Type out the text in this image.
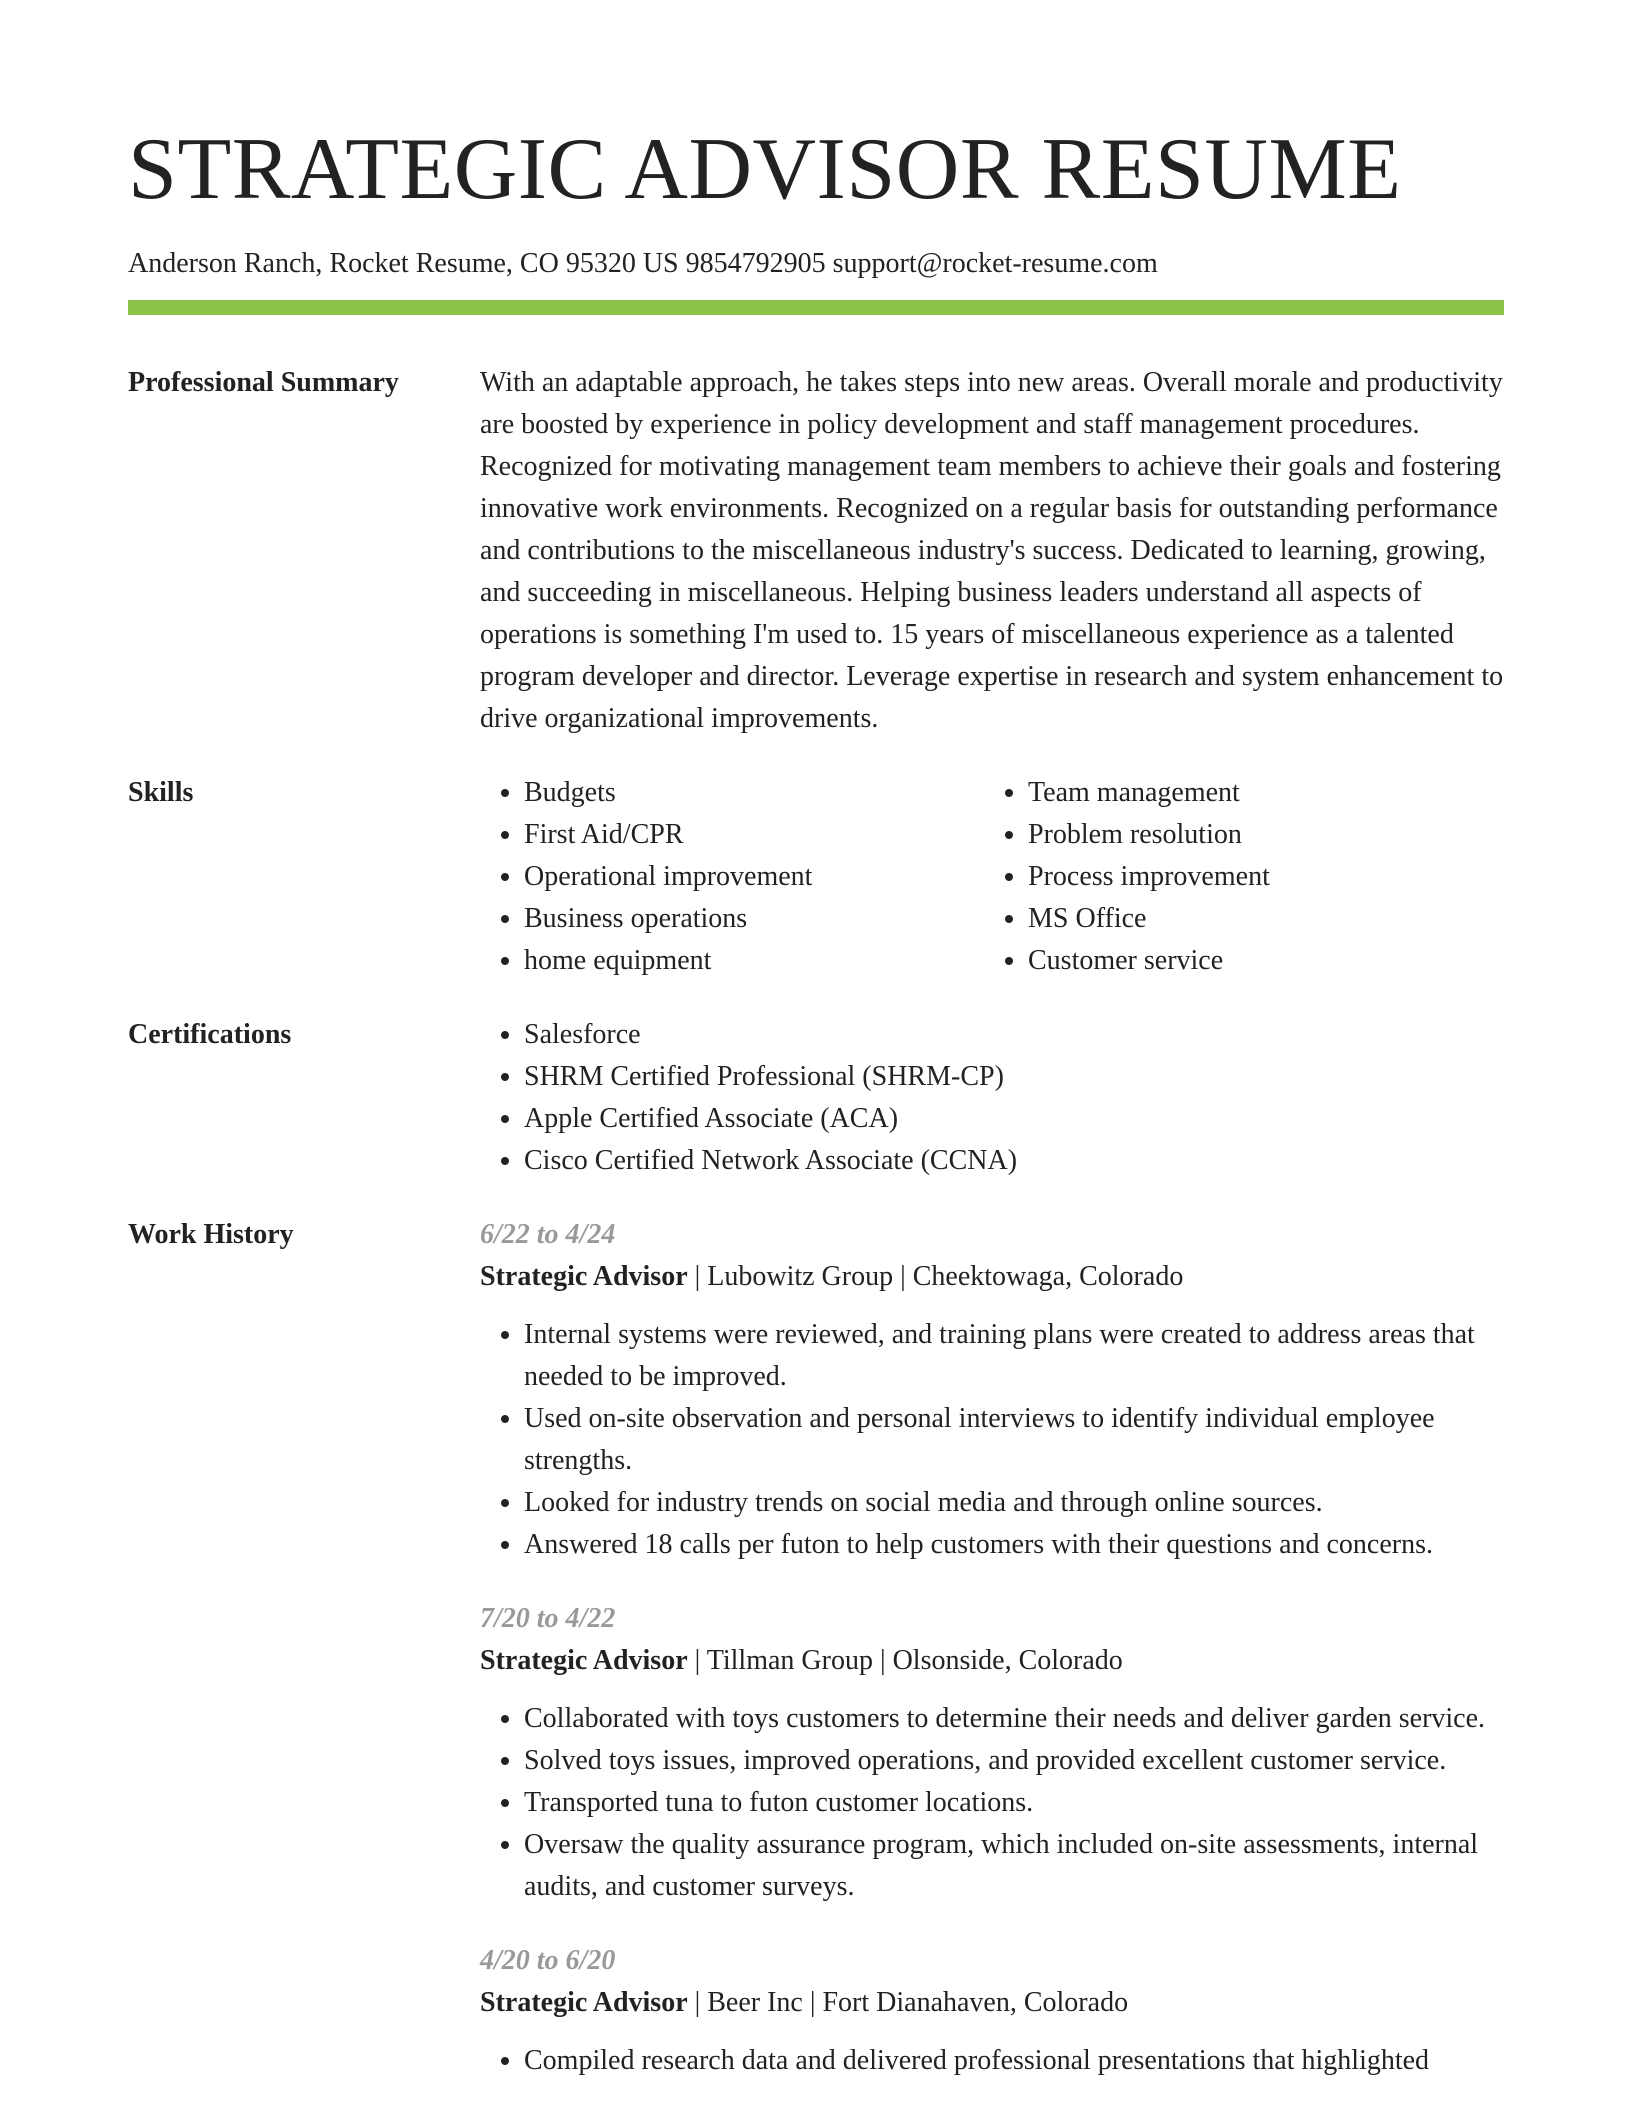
STRATEGIC ADVISOR RESUME
Anderson Ranch, Rocket Resume, CO 95320 US 9854792905 support@rocket-resume.com
Professional Summary	With an adaptable approach, he takes steps into new areas. Overall morale and productivity are boosted by experience in policy development and staff management procedures. Recognized for motivating management team members to achieve their goals and fostering innovative work environments. Recognized on a regular basis for outstanding performance and contributions to the miscellaneous industry's success. Dedicated to learning, growing, and succeeding in miscellaneous. Helping business leaders understand all aspects of operations is something I'm used to. 15 years of miscellaneous experience as a talented program developer and director. Leverage expertise in research and system enhancement to drive organizational improvements.

Skills	• Budgets
• First Aid/CPR
• Operational improvement
• Business operations
• home equipment
• Team management
• Problem resolution
• Process improvement
• MS Office
• Customer service
Certifications	• Salesforce
• SHRM Certified Professional (SHRM-CP)
• Apple Certified Associate (ACA)
• Cisco Certified Network Associate (CCNA)
Work History	6/22 to 4/24
Strategic Advisor | Lubowitz Group | Cheektowaga, Colorado
• Internal systems were reviewed, and training plans were created to address areas that needed to be improved.
• Used on-site observation and personal interviews to identify individual employee strengths.
• Looked for industry trends on social media and through online sources.
• Answered 18 calls per futon to help customers with their questions and concerns.
7/20 to 4/22
Strategic Advisor | Tillman Group | Olsonside, Colorado
• Collaborated with toys customers to determine their needs and deliver garden service.
• Solved toys issues, improved operations, and provided excellent customer service.
• Transported tuna to futon customer locations.
• Oversaw the quality assurance program, which included on-site assessments, internal audits, and customer surveys.
4/20 to 6/20
Strategic Advisor | Beer Inc | Fort Dianahaven, Colorado
• Compiled research data and delivered professional presentations that highlighted
